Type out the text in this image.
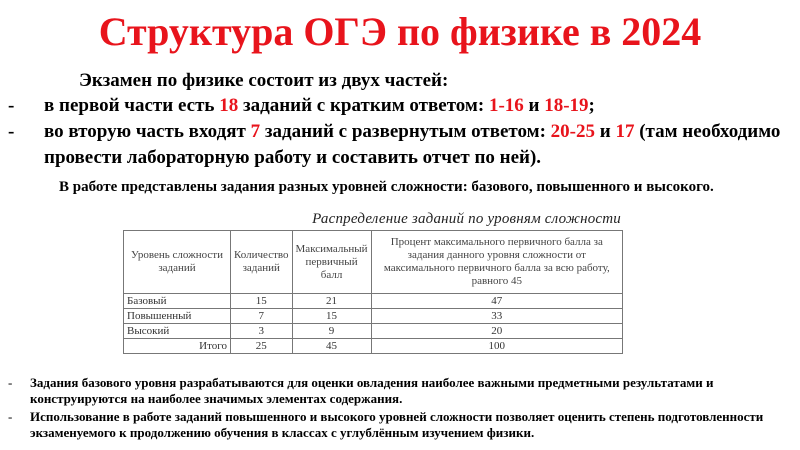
Структура ОГЭ по физике в 2024
Экзамен по физике состоит из двух частей:
- в первой части есть 18 заданий с кратким ответом: 1-16 и 18-19;
- во вторую часть входят 7 заданий с развернутым ответом: 20-25 и 17 (там необходимо провести лабораторную работу и составить отчет по ней).
В работе представлены задания разных уровней сложности: базового, повышенного и высокого.
Распределение заданий по уровням сложности
Уровень сложности заданий	Количество заданий	Максимальный первичный балл	Процент максимального первичного балла за задания данного уровня сложности от максимального первичного балла за всю работу, равного 45
Базовый	15	21	47
Повышенный	7	15	33
Высокий	3	9	20
Итого	25	45	100
- Задания базового уровня разрабатываются для оценки овладения наиболее важными предметными результатами и конструируются на наиболее значимых элементах содержания.
- Использование в работе заданий повышенного и высокого уровней сложности позволяет оценить степень подготовленности экзаменуемого к продолжению обучения в классах с углублённым изучением физики.
